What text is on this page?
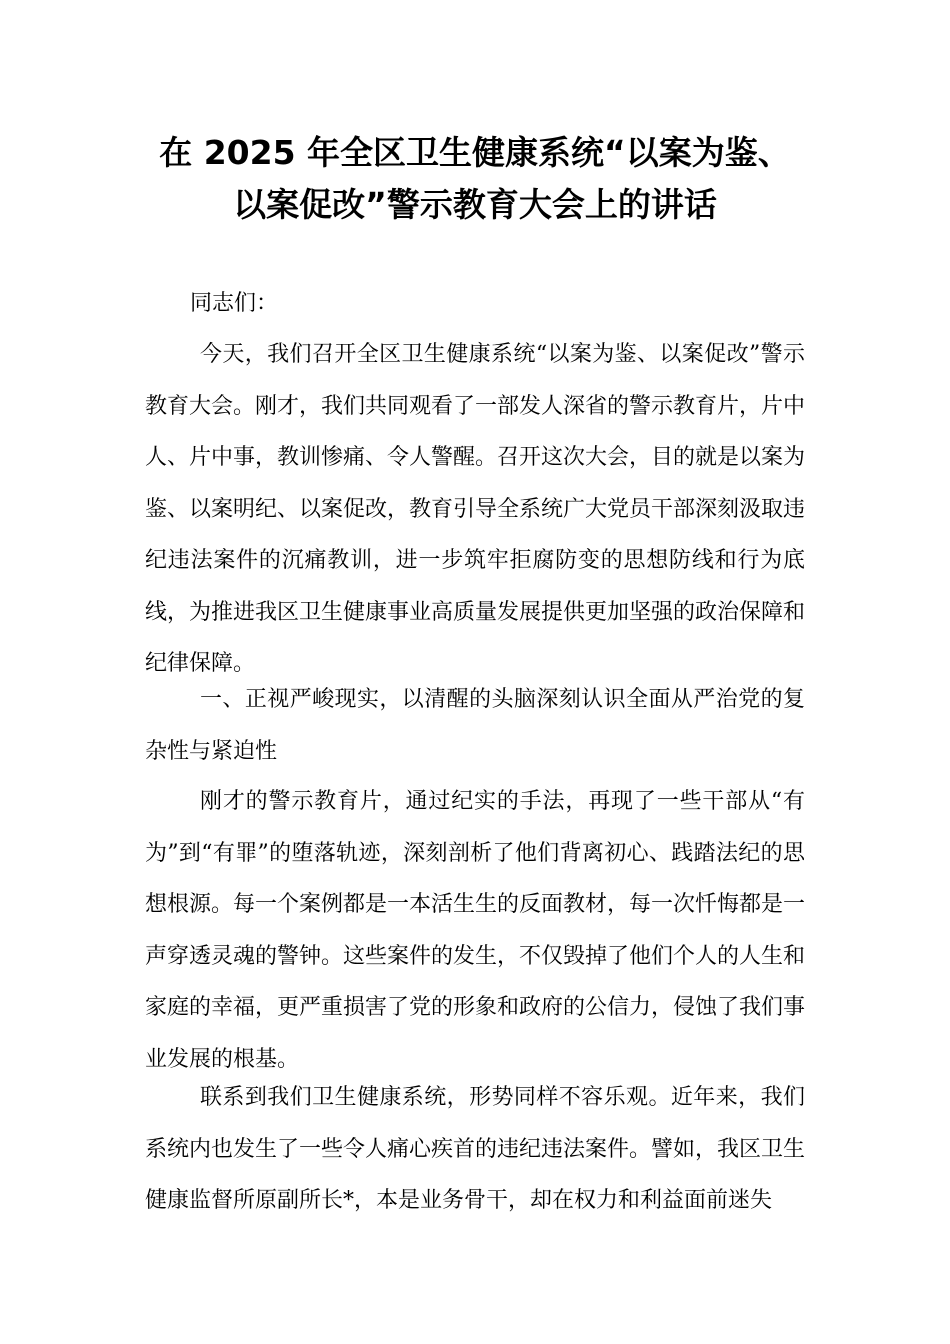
在 2025 年全区卫生健康系统“以案为鉴、
以案促改”警示教育大会上的讲话

同志们：

今天，我们召开全区卫生健康系统“以案为鉴、以案促改”警示教育大会。刚才，我们共同观看了一部发人深省的警示教育片，片中人、片中事，教训惨痛、令人警醒。召开这次大会，目的就是以案为鉴、以案明纪、以案促改，教育引导全系统广大党员干部深刻汲取违纪违法案件的沉痛教训，进一步筑牢拒腐防变的思想防线和行为底线，为推进我区卫生健康事业高质量发展提供更加坚强的政治保障和纪律保障。

一、正视严峻现实，以清醒的头脑深刻认识全面从严治党的复杂性与紧迫性

刚才的警示教育片，通过纪实的手法，再现了一些干部从“有为”到“有罪”的堕落轨迹，深刻剖析了他们背离初心、践踏法纪的思想根源。每一个案例都是一本活生生的反面教材，每一次忏悔都是一声穿透灵魂的警钟。这些案件的发生，不仅毁掉了他们个人的人生和家庭的幸福，更严重损害了党的形象和政府的公信力，侵蚀了我们事业发展的根基。

联系到我们卫生健康系统，形势同样不容乐观。近年来，我们系统内也发生了一些令人痛心疾首的违纪违法案件。譬如，我区卫生健康监督所原副所长*，本是业务骨干，却在权力和利益面前迷失
